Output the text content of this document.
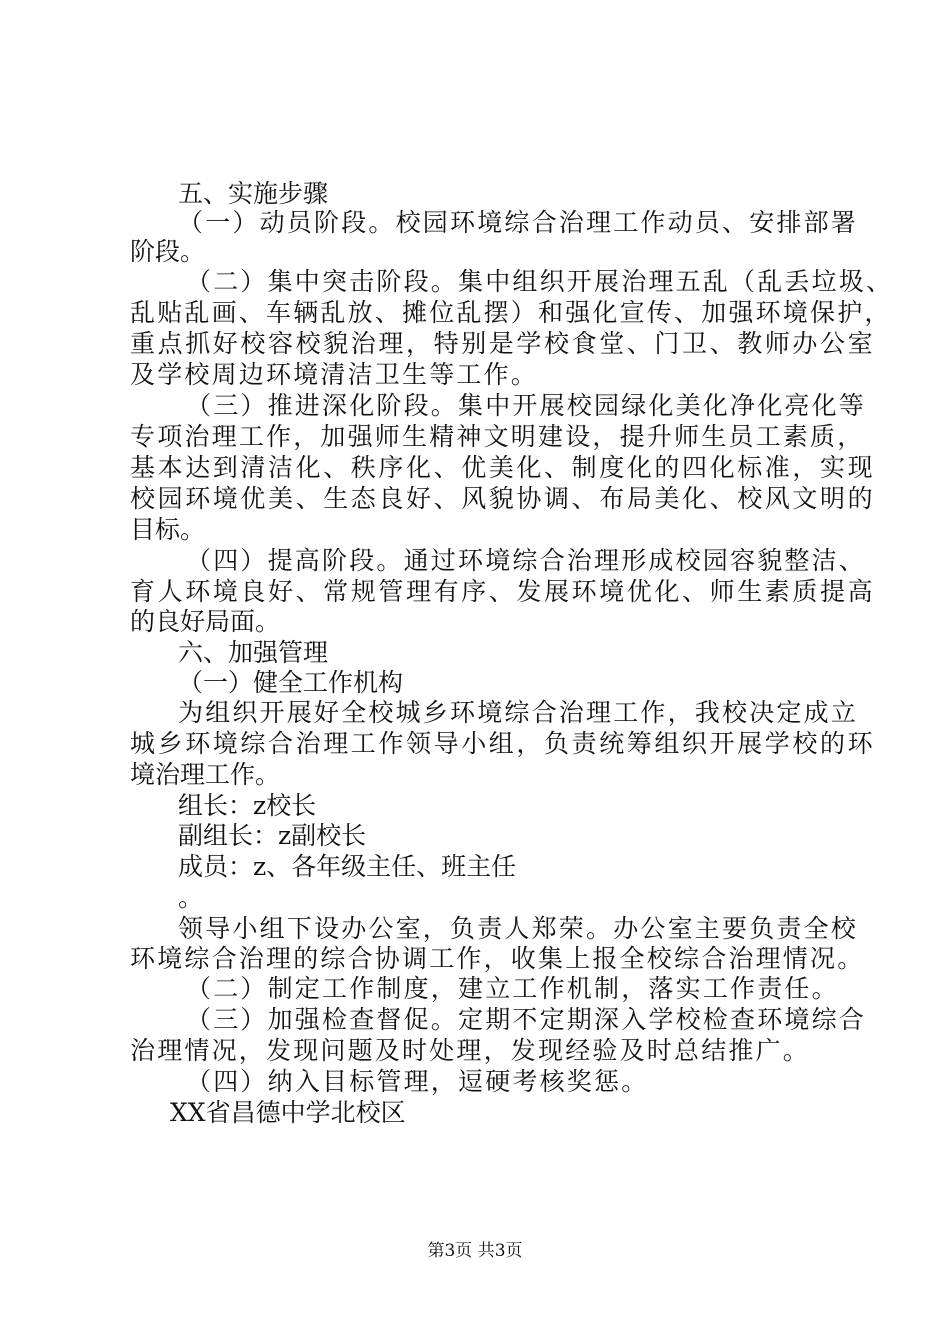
五、实施步骤
（一）动员阶段。校园环境综合治理工作动员、安排部署
阶段。
（二）集中突击阶段。集中组织开展治理五乱（乱丢垃圾、
乱贴乱画、车辆乱放、摊位乱摆）和强化宣传、加强环境保护，
重点抓好校容校貌治理，特别是学校食堂、门卫、教师办公室
及学校周边环境清洁卫生等工作。
（三）推进深化阶段。集中开展校园绿化美化净化亮化等
专项治理工作，加强师生精神文明建设，提升师生员工素质，
基本达到清洁化、秩序化、优美化、制度化的四化标准，实现
校园环境优美、生态良好、风貌协调、布局美化、校风文明的
目标。
（四）提高阶段。通过环境综合治理形成校园容貌整洁、
育人环境良好、常规管理有序、发展环境优化、师生素质提高
的良好局面。
六、加强管理
（一）健全工作机构
为组织开展好全校城乡环境综合治理工作，我校决定成立
城乡环境综合治理工作领导小组，负责统筹组织开展学校的环
境治理工作。
组长：z校长
副组长：z副校长
成员：z、各年级主任、班主任
。
领导小组下设办公室，负责人郑荣。办公室主要负责全校
环境综合治理的综合协调工作，收集上报全校综合治理情况。
（二）制定工作制度，建立工作机制，落实工作责任。
（三）加强检查督促。定期不定期深入学校检查环境综合
治理情况，发现问题及时处理，发现经验及时总结推广。
（四）纳入目标管理，逗硬考核奖惩。
XX省昌德中学北校区
第3页 共3页
